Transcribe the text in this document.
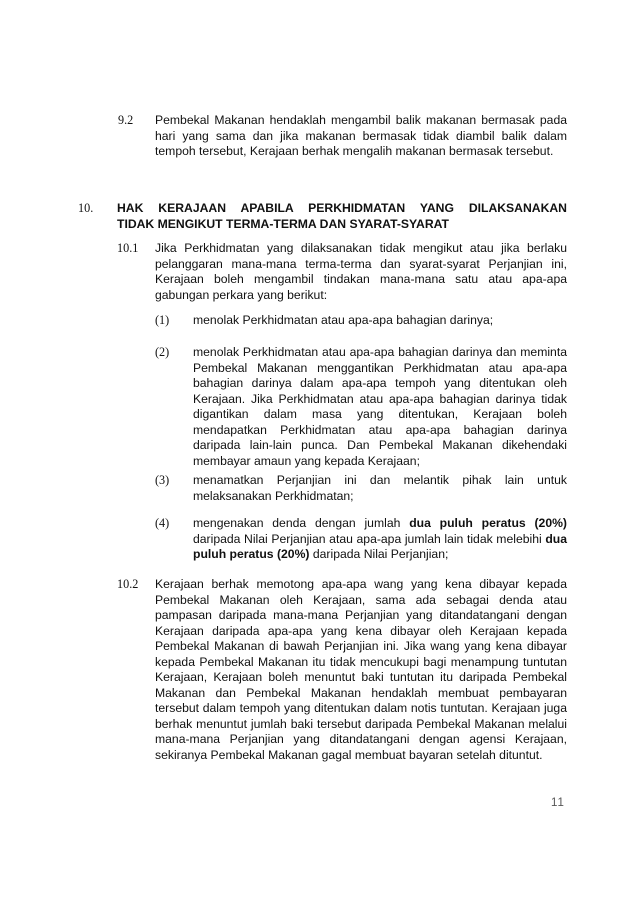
9.2 Pembekal Makanan hendaklah mengambil balik makanan bermasak pada hari yang sama dan jika makanan bermasak tidak diambil balik dalam tempoh tersebut, Kerajaan berhak mengalih makanan bermasak tersebut.
10. HAK KERAJAAN APABILA PERKHIDMATAN YANG DILAKSANAKAN
TIDAK MENGIKUT TERMA-TERMA DAN SYARAT-SYARAT
10.1 Jika Perkhidmatan yang dilaksanakan tidak mengikut atau jika berlaku pelanggaran mana-mana terma-terma dan syarat-syarat Perjanjian ini, Kerajaan boleh mengambil tindakan mana-mana satu atau apa-apa gabungan perkara yang berikut:
(1) menolak Perkhidmatan atau apa-apa bahagian darinya;
(2) menolak Perkhidmatan atau apa-apa bahagian darinya dan meminta Pembekal Makanan menggantikan Perkhidmatan atau apa-apa bahagian darinya dalam apa-apa tempoh yang ditentukan oleh Kerajaan. Jika Perkhidmatan atau apa-apa bahagian darinya tidak digantikan dalam masa yang ditentukan, Kerajaan boleh mendapatkan Perkhidmatan atau apa-apa bahagian darinya daripada lain-lain punca. Dan Pembekal Makanan dikehendaki membayar amaun yang kepada Kerajaan;
(3) menamatkan Perjanjian ini dan melantik pihak lain untuk melaksanakan Perkhidmatan;
(4) mengenakan denda dengan jumlah dua puluh peratus (20%) daripada Nilai Perjanjian atau apa-apa jumlah lain tidak melebihi dua puluh peratus (20%) daripada Nilai Perjanjian;
10.2 Kerajaan berhak memotong apa-apa wang yang kena dibayar kepada Pembekal Makanan oleh Kerajaan, sama ada sebagai denda atau pampasan daripada mana-mana Perjanjian yang ditandatangani dengan Kerajaan daripada apa-apa yang kena dibayar oleh Kerajaan kepada Pembekal Makanan di bawah Perjanjian ini. Jika wang yang kena dibayar kepada Pembekal Makanan itu tidak mencukupi bagi menampung tuntutan Kerajaan, Kerajaan boleh menuntut baki tuntutan itu daripada Pembekal Makanan dan Pembekal Makanan hendaklah membuat pembayaran tersebut dalam tempoh yang ditentukan dalam notis tuntutan. Kerajaan juga berhak menuntut jumlah baki tersebut daripada Pembekal Makanan melalui mana-mana Perjanjian yang ditandatangani dengan agensi Kerajaan, sekiranya Pembekal Makanan gagal membuat bayaran setelah dituntut.
11
